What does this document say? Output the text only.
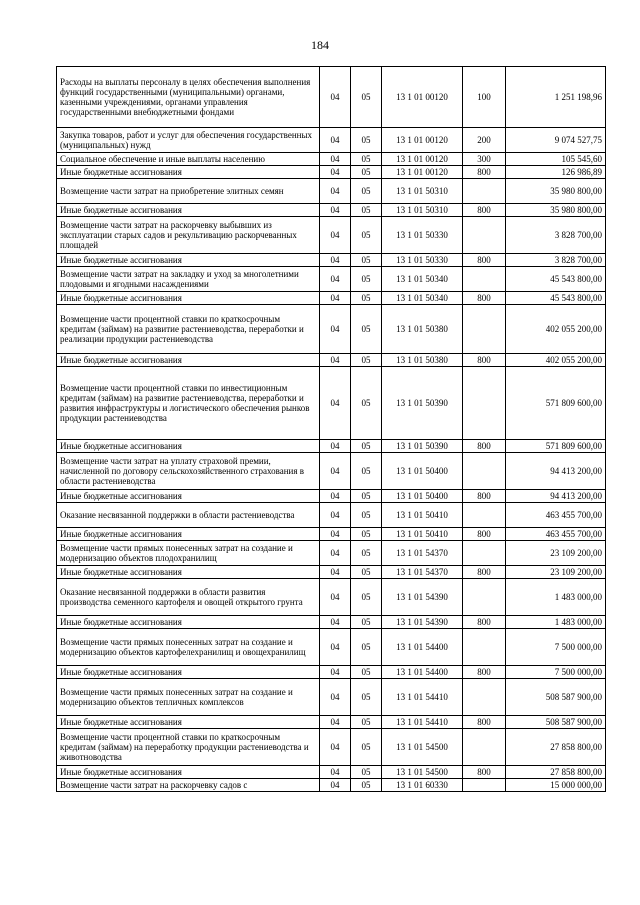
184
Расходы на выплаты персоналу в целях обеспечения выполнения функций государственными (муниципальными) органами, казенными учреждениями, органами управления государственными внебюджетными фондами	04	05	13 1 01 00120	100	1 251 198,96
Закупка товаров, работ и услуг для обеспечения государственных (муниципальных) нужд	04	05	13 1 01 00120	200	9 074 527,75
Социальное обеспечение и иные выплаты населению	04	05	13 1 01 00120	300	105 545,60
Иные бюджетные ассигнования	04	05	13 1 01 00120	800	126 986,89
Возмещение части затрат на приобретение элитных семян	04	05	13 1 01 50310		35 980 800,00
Иные бюджетные ассигнования	04	05	13 1 01 50310	800	35 980 800,00
Возмещение части затрат на раскорчевку выбывших из эксплуатации старых садов и рекультивацию раскорчеванных площадей	04	05	13 1 01 50330		3 828 700,00
Иные бюджетные ассигнования	04	05	13 1 01 50330	800	3 828 700,00
Возмещение части затрат на закладку и уход за многолетними плодовыми и ягодными насаждениями	04	05	13 1 01 50340		45 543 800,00
Иные бюджетные ассигнования	04	05	13 1 01 50340	800	45 543 800,00
Возмещение части процентной ставки по краткосрочным кредитам (займам) на развитие растениеводства, переработки и реализации продукции растениеводства	04	05	13 1 01 50380		402 055 200,00
Иные бюджетные ассигнования	04	05	13 1 01 50380	800	402 055 200,00
Возмещение части процентной ставки по инвестиционным кредитам (займам) на развитие растениеводства, переработки и развития инфраструктуры и логистического обеспечения рынков продукции растениеводства	04	05	13 1 01 50390		571 809 600,00
Иные бюджетные ассигнования	04	05	13 1 01 50390	800	571 809 600,00
Возмещение части затрат на уплату страховой премии, начисленной по договору сельскохозяйственного страхования в области растениеводства	04	05	13 1 01 50400		94 413 200,00
Иные бюджетные ассигнования	04	05	13 1 01 50400	800	94 413 200,00
Оказание несвязанной поддержки в области растениеводства	04	05	13 1 01 50410		463 455 700,00
Иные бюджетные ассигнования	04	05	13 1 01 50410	800	463 455 700,00
Возмещение части прямых понесенных затрат на создание и модернизацию объектов плодохранилищ	04	05	13 1 01 54370		23 109 200,00
Иные бюджетные ассигнования	04	05	13 1 01 54370	800	23 109 200,00
Оказание несвязанной поддержки в области развития производства семенного картофеля и овощей открытого грунта	04	05	13 1 01 54390		1 483 000,00
Иные бюджетные ассигнования	04	05	13 1 01 54390	800	1 483 000,00
Возмещение части прямых понесенных затрат на создание и модернизацию объектов картофелехранилищ и овощехранилищ	04	05	13 1 01 54400		7 500 000,00
Иные бюджетные ассигнования	04	05	13 1 01 54400	800	7 500 000,00
Возмещение части прямых понесенных затрат на создание и модернизацию объектов тепличных комплексов	04	05	13 1 01 54410		508 587 900,00
Иные бюджетные ассигнования	04	05	13 1 01 54410	800	508 587 900,00
Возмещение части процентной ставки по краткосрочным кредитам (займам) на переработку продукции растениеводства и животноводства	04	05	13 1 01 54500		27 858 800,00
Иные бюджетные ассигнования	04	05	13 1 01 54500	800	27 858 800,00
Возмещение части затрат на раскорчевку садов с	04	05	13 1 01 60330		15 000 000,00
